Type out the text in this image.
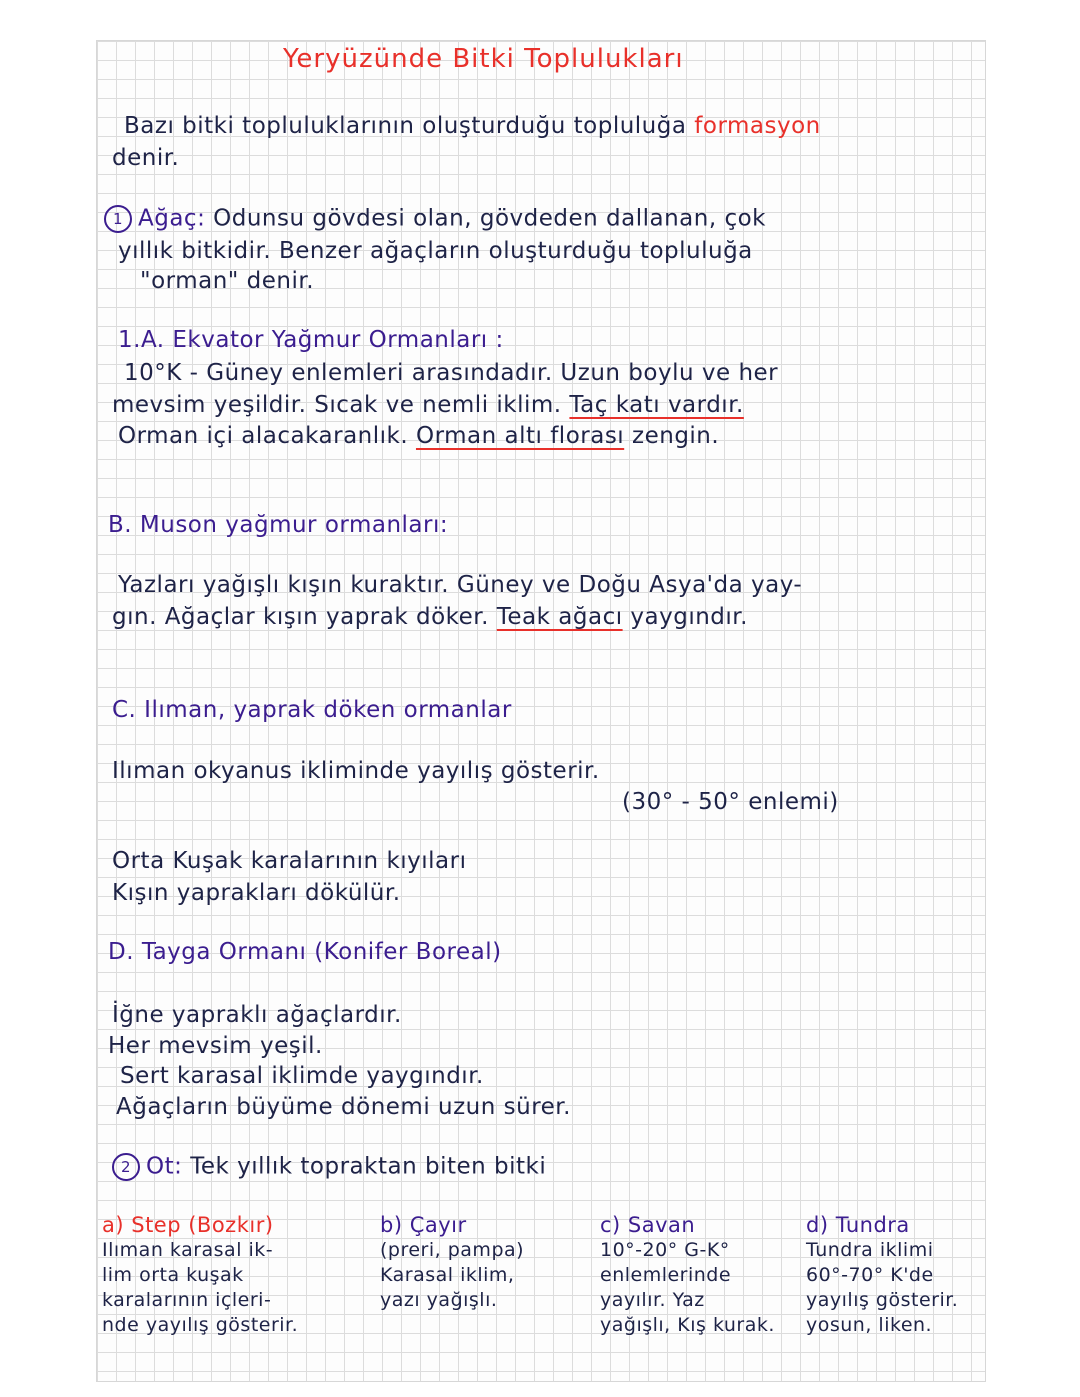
Yeryüzünde Bitki Toplulukları
Bazı bitki topluluklarının oluşturduğu topluluğa formasyon
denir.
1 Ağaç: Odunsu gövdesi olan, gövdeden dallanan, çok
yıllık bitkidir. Benzer ağaçların oluşturduğu topluluğa
"orman" denir.
1.A. Ekvator Yağmur Ormanları :
10°K - Güney enlemleri arasındadır. Uzun boylu ve her
mevsim yeşildir. Sıcak ve nemli iklim. Taç katı vardır.
Orman içi alacakaranlık. Orman altı florası zengin.
B. Muson yağmur ormanları:
Yazları yağışlı kışın kuraktır. Güney ve Doğu Asya'da yay-
gın. Ağaçlar kışın yaprak döker. Teak ağacı yaygındır.
C. Ilıman, yaprak döken ormanlar
Ilıman okyanus ikliminde yayılış gösterir.
(30° - 50° enlemi)
Orta Kuşak karalarının kıyıları
Kışın yaprakları dökülür.
D. Tayga Ormanı (Konifer Boreal)
İğne yapraklı ağaçlardır.
Her mevsim yeşil.
Sert karasal iklimde yaygındır.
Ağaçların büyüme dönemi uzun sürer.
2 Ot: Tek yıllık topraktan biten bitki
a) Step (Bozkır)
Ilıman karasal ik-
lim orta kuşak
karalarının içleri-
nde yayılış gösterir.
b) Çayır
(preri, pampa)
Karasal iklim,
yazı yağışlı.
c) Savan
10°-20° G-K°
enlemlerinde
yayılır. Yaz
yağışlı, Kış kurak.
d) Tundra
Tundra iklimi
60°-70° K'de
yayılış gösterir.
yosun, liken.
